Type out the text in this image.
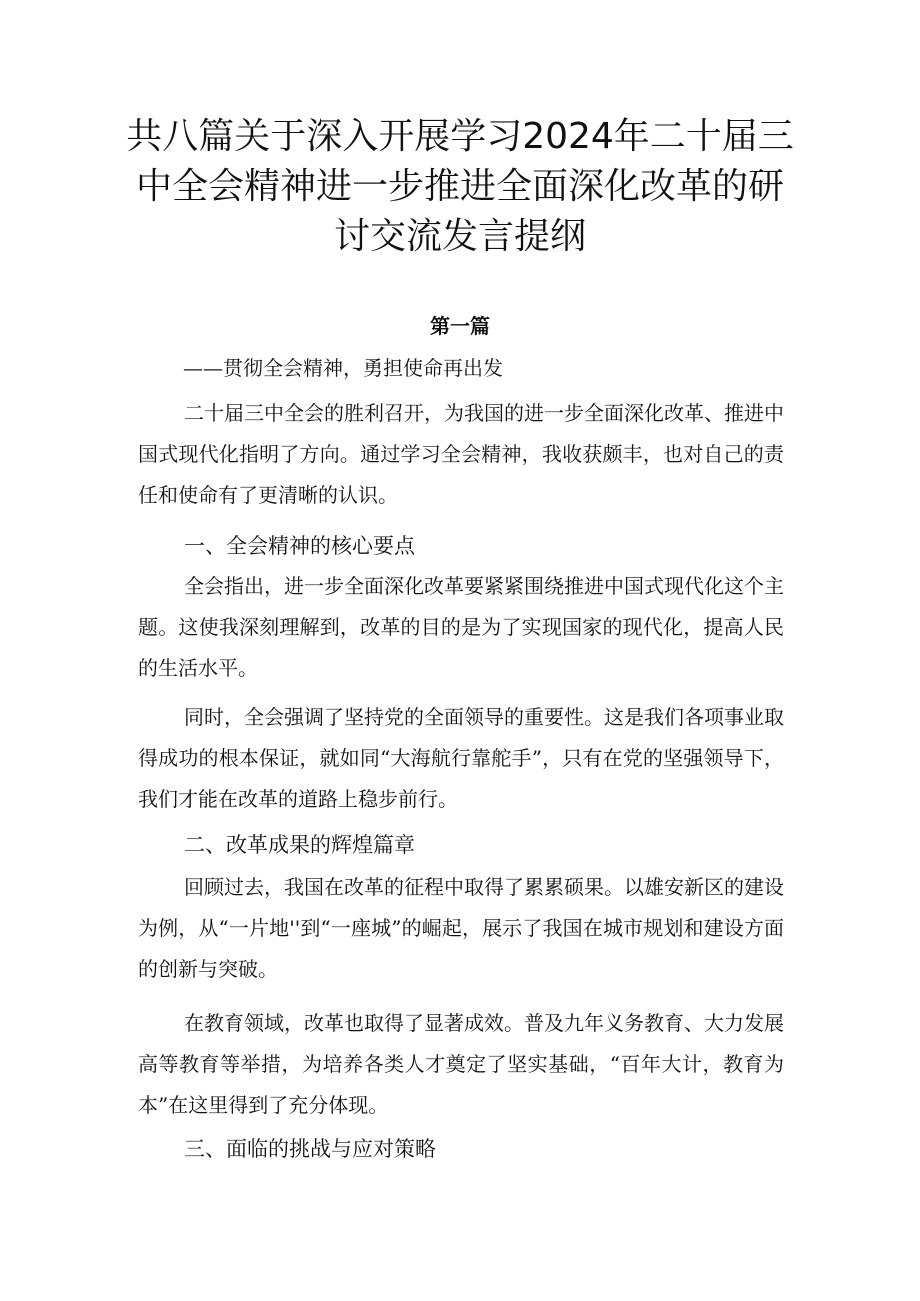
共八篇关于深入开展学习2024年二十届三
中全会精神进一步推进全面深化改革的研
讨交流发言提纲
第一篇
——贯彻全会精神，勇担使命再出发
二十届三中全会的胜利召开，为我国的进一步全面深化改革、推进中国式现代化指明了方向。通过学习全会精神，我收获颇丰，也对自己的责任和使命有了更清晰的认识。
一、全会精神的核心要点
全会指出，进一步全面深化改革要紧紧围绕推进中国式现代化这个主题。这使我深刻理解到，改革的目的是为了实现国家的现代化，提高人民的生活水平。
同时，全会强调了坚持党的全面领导的重要性。这是我们各项事业取得成功的根本保证，就如同“大海航行靠舵手”，只有在党的坚强领导下，我们才能在改革的道路上稳步前行。
二、改革成果的辉煌篇章
回顾过去，我国在改革的征程中取得了累累硕果。以雄安新区的建设为例，从“一片地''到“一座城”的崛起，展示了我国在城市规划和建设方面的创新与突破。
在教育领域，改革也取得了显著成效。普及九年义务教育、大力发展高等教育等举措，为培养各类人才奠定了坚实基础，“百年大计，教育为本”在这里得到了充分体现。
三、面临的挑战与应对策略
